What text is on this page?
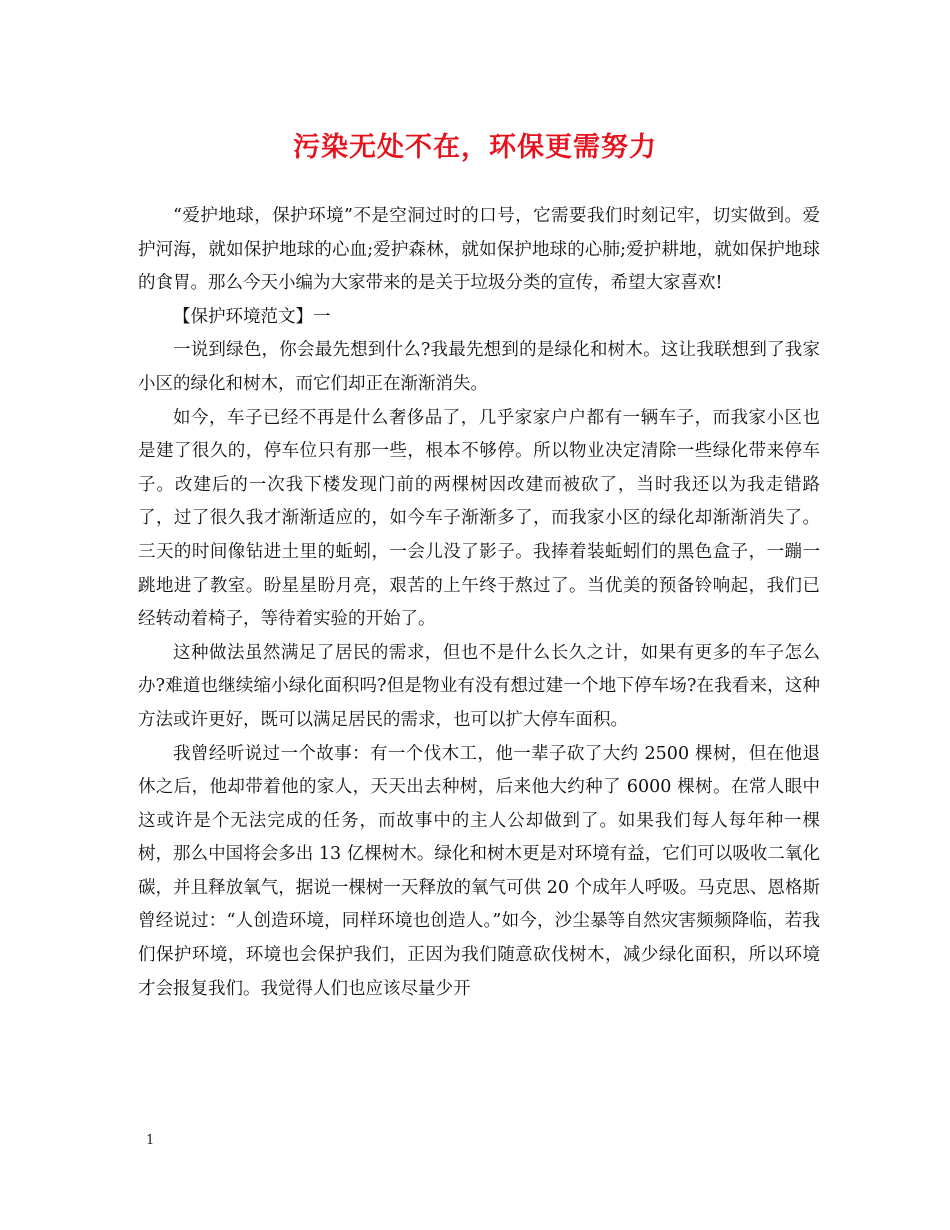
污染无处不在，环保更需努力

“爱护地球，保护环境”不是空洞过时的口号，它需要我们时刻记牢，切实做到。爱护河海，就如保护地球的心血;爱护森林，就如保护地球的心肺;爱护耕地，就如保护地球的食胃。那么今天小编为大家带来的是关于垃圾分类的宣传，希望大家喜欢!

【保护环境范文】一

一说到绿色，你会最先想到什么?我最先想到的是绿化和树木。这让我联想到了我家小区的绿化和树木，而它们却正在渐渐消失。

如今，车子已经不再是什么奢侈品了，几乎家家户户都有一辆车子，而我家小区也是建了很久的，停车位只有那一些，根本不够停。所以物业决定清除一些绿化带来停车子。改建后的一次我下楼发现门前的两棵树因改建而被砍了，当时我还以为我走错路了，过了很久我才渐渐适应的，如今车子渐渐多了，而我家小区的绿化却渐渐消失了。三天的时间像钻进土里的蚯蚓，一会儿没了影子。我捧着装蚯蚓们的黑色盒子，一蹦一跳地进了教室。盼星星盼月亮，艰苦的上午终于熬过了。当优美的预备铃响起，我们已经转动着椅子，等待着实验的开始了。

这种做法虽然满足了居民的需求，但也不是什么长久之计，如果有更多的车子怎么办?难道也继续缩小绿化面积吗?但是物业有没有想过建一个地下停车场?在我看来，这种方法或许更好，既可以满足居民的需求，也可以扩大停车面积。

我曾经听说过一个故事：有一个伐木工，他一辈子砍了大约 2500 棵树，但在他退休之后，他却带着他的家人，天天出去种树，后来他大约种了 6000 棵树。在常人眼中这或许是个无法完成的任务，而故事中的主人公却做到了。如果我们每人每年种一棵树，那么中国将会多出 13 亿棵树木。绿化和树木更是对环境有益，它们可以吸收二氧化碳，并且释放氧气，据说一棵树一天释放的氧气可供 20 个成年人呼吸。马克思、恩格斯曾经说过：“人创造环境，同样环境也创造人。”如今，沙尘暴等自然灾害频频降临，若我们保护环境，环境也会保护我们，正因为我们随意砍伐树木，减少绿化面积，所以环境才会报复我们。我觉得人们也应该尽量少开

1
